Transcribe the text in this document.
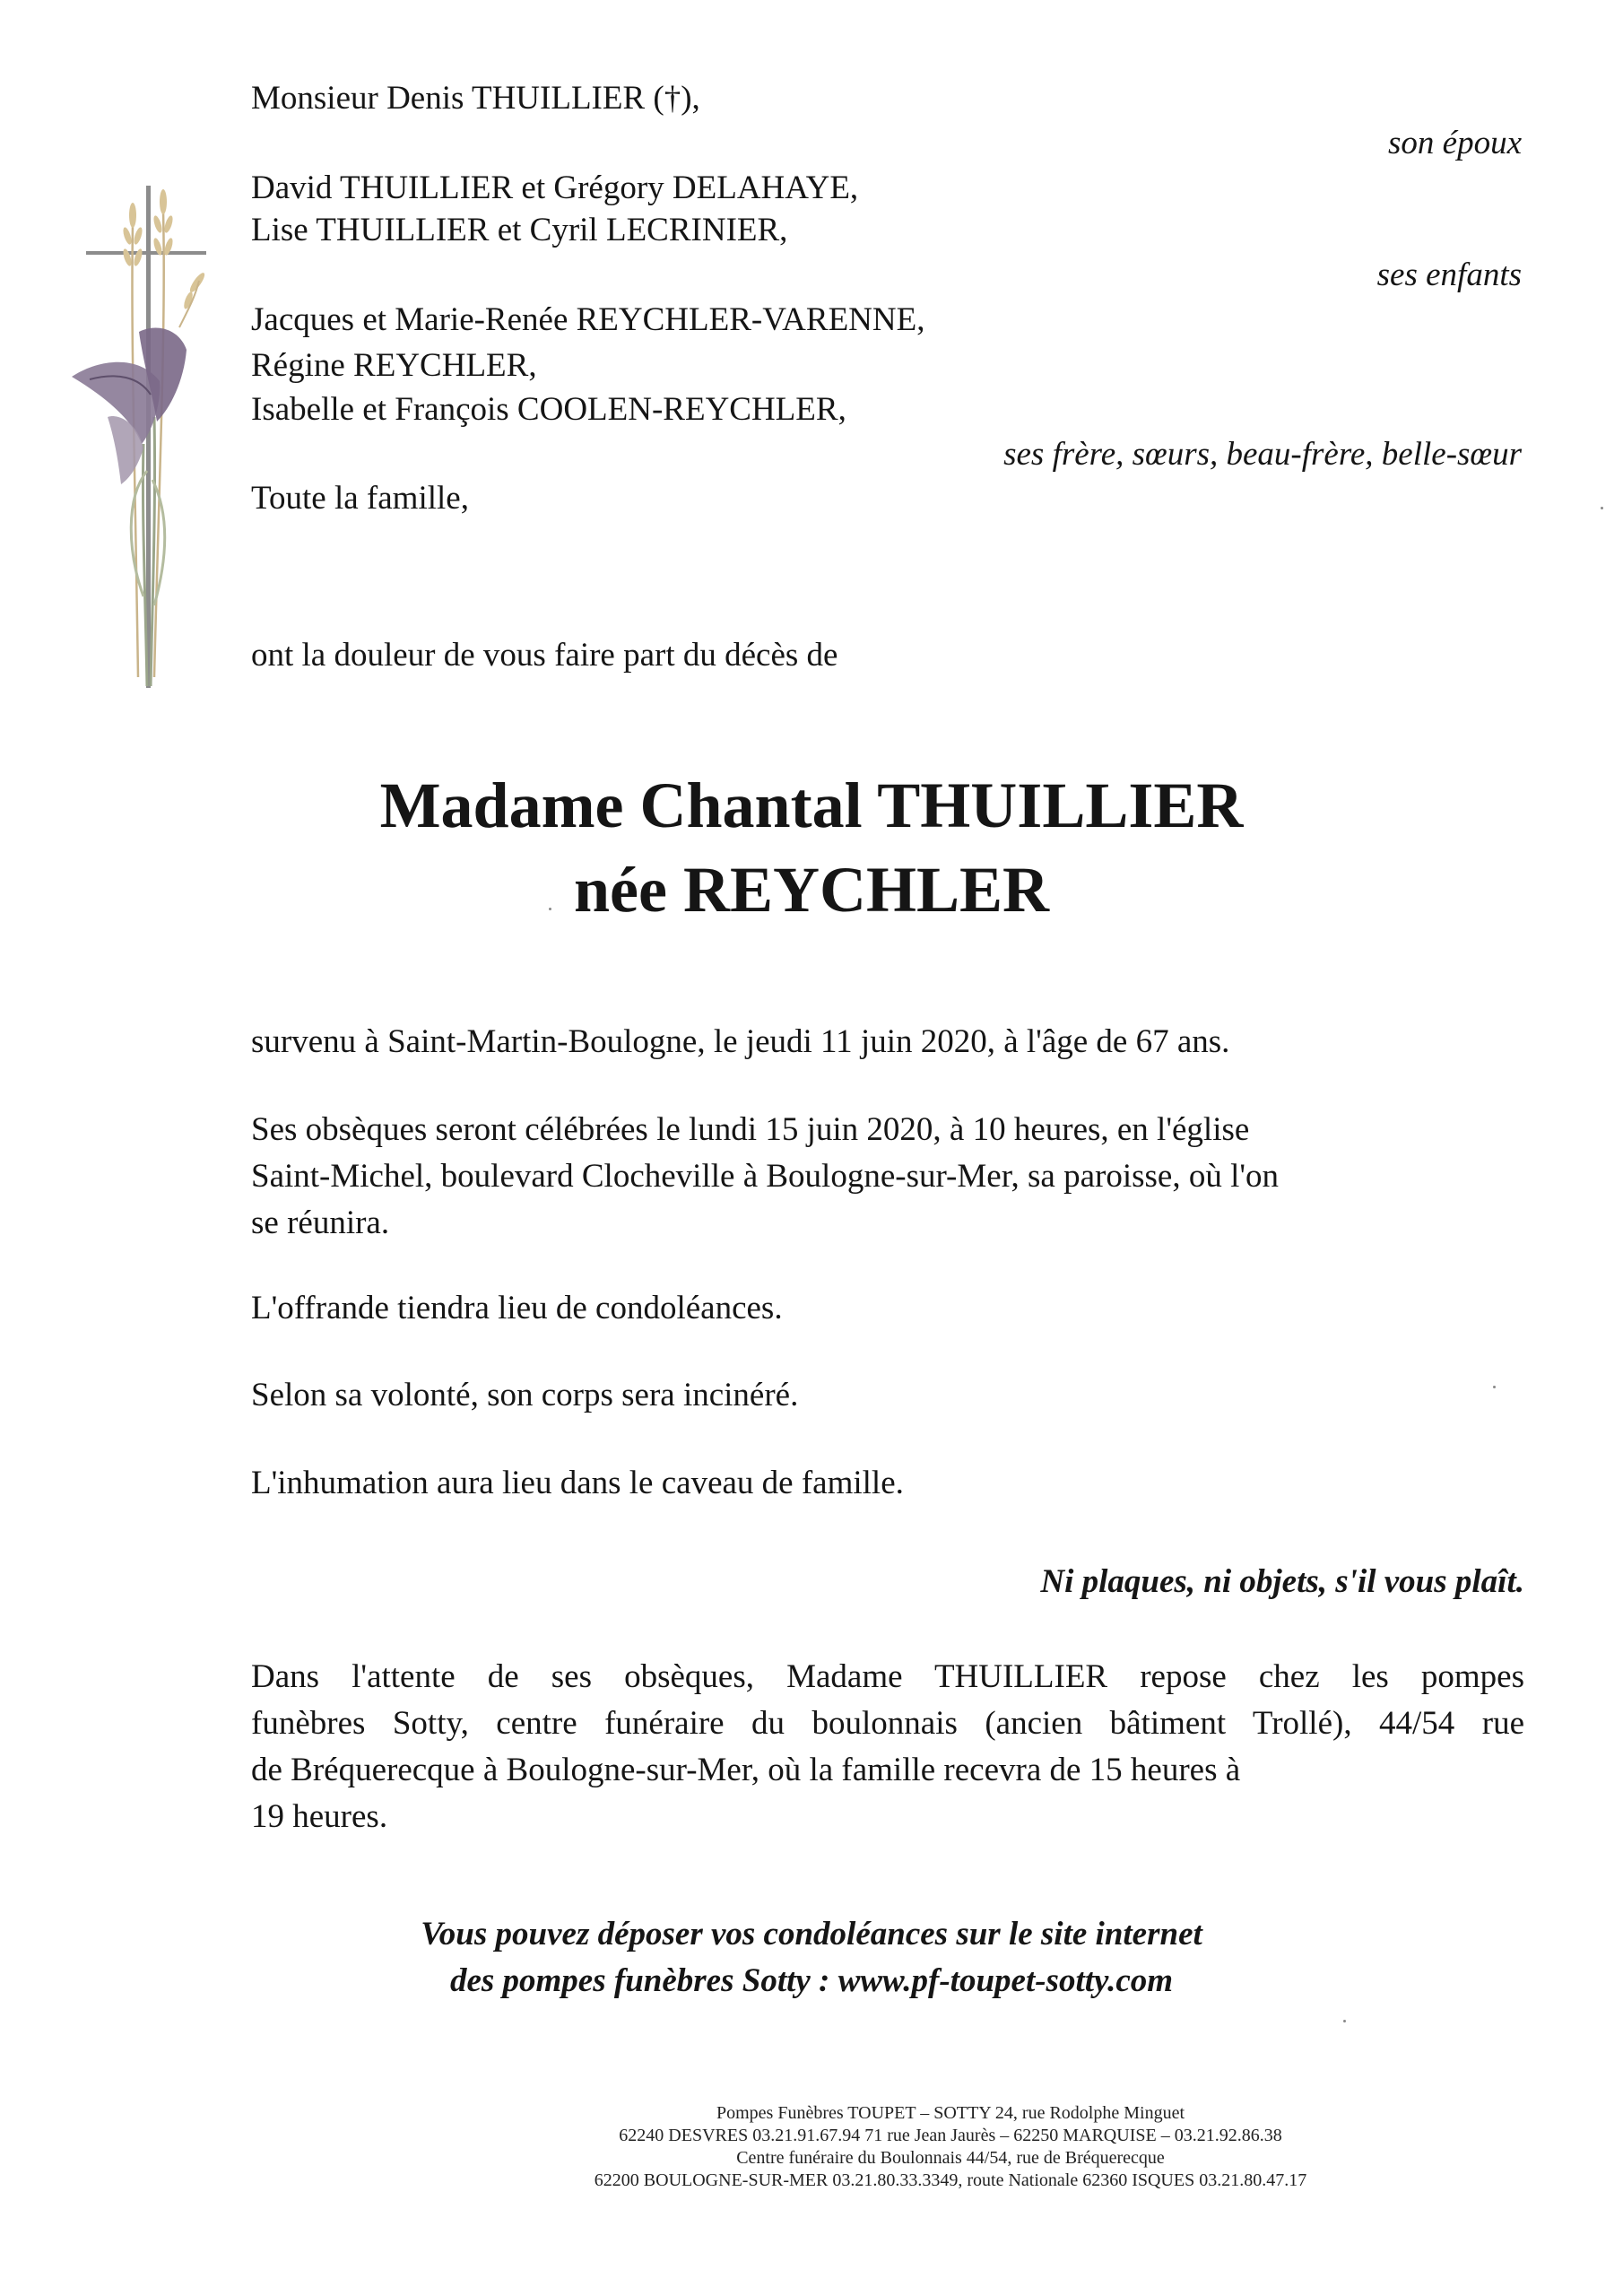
Monsieur Denis THUILLIER (†),
son époux
David THUILLIER et Grégory DELAHAYE,
Lise THUILLIER et Cyril LECRINIER,
ses enfants
Jacques et Marie-Renée REYCHLER-VARENNE,
Régine REYCHLER,
Isabelle et François COOLEN-REYCHLER,
ses frère, sœurs, beau-frère, belle-sœur
Toute la famille,
ont la douleur de vous faire part du décès de
Madame Chantal THUILLIER
née REYCHLER
survenu à Saint-Martin-Boulogne, le jeudi 11 juin 2020, à l'âge de 67 ans.
Ses obsèques seront célébrées le lundi 15 juin 2020, à 10 heures, en l'église
Saint-Michel, boulevard Clocheville à Boulogne-sur-Mer, sa paroisse, où l'on
se réunira.
L'offrande tiendra lieu de condoléances.
Selon sa volonté, son corps sera incinéré.
L'inhumation aura lieu dans le caveau de famille.
Ni plaques, ni objets, s'il vous plaît.
Dans l'attente de ses obsèques, Madame THUILLIER repose chez les pompes
funèbres Sotty, centre funéraire du boulonnais (ancien bâtiment Trollé), 44/54 rue
de Bréquerecque à Boulogne-sur-Mer, où la famille recevra de 15 heures à
19 heures.
Vous pouvez déposer vos condoléances sur le site internet
des pompes funèbres Sotty : www.pf-toupet-sotty.com
Pompes Funèbres TOUPET – SOTTY 24, rue Rodolphe Minguet
62240 DESVRES 03.21.91.67.94 71 rue Jean Jaurès – 62250 MARQUISE – 03.21.92.86.38
Centre funéraire du Boulonnais 44/54, rue de Bréquerecque
62200 BOULOGNE-SUR-MER 03.21.80.33.3349, route Nationale 62360 ISQUES 03.21.80.47.17
